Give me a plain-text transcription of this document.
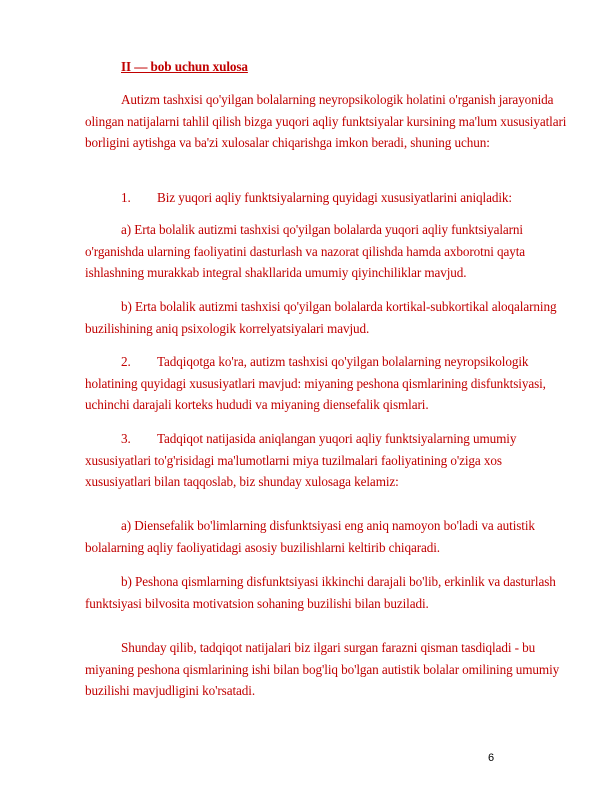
II — bob uchun xulosa
Autizm tashxisi qo'yilgan bolalarning neyropsikologik holatini o'rganish jarayonida olingan natijalarni tahlil qilish bizga yuqori aqliy funktsiyalar kursining ma'lum xususiyatlari borligini aytishga va ba'zi xulosalar chiqarishga imkon beradi, shuning uchun:
1. Biz yuqori aqliy funktsiyalarning quyidagi xususiyatlarini aniqladik:
a) Erta bolalik autizmi tashxisi qo'yilgan bolalarda yuqori aqliy funktsiyalarni o'rganishda ularning faoliyatini dasturlash va nazorat qilishda hamda axborotni qayta ishlashning murakkab integral shakllarida umumiy qiyinchiliklar mavjud.
b) Erta bolalik autizmi tashxisi qo'yilgan bolalarda kortikal-subkortikal aloqalarning buzilishining aniq psixologik korrelyatsiyalari mavjud.
2. Tadqiqotga ko'ra, autizm tashxisi qo'yilgan bolalarning neyropsikologik holatining quyidagi xususiyatlari mavjud: miyaning peshona qismlarining disfunktsiyasi, uchinchi darajali korteks hududi va miyaning diensefalik qismlari.
3. Tadqiqot natijasida aniqlangan yuqori aqliy funktsiyalarning umumiy xususiyatlari to'g'risidagi ma'lumotlarni miya tuzilmalari faoliyatining o'ziga xos xususiyatlari bilan taqqoslab, biz shunday xulosaga kelamiz:
a) Diensefalik bo'limlarning disfunktsiyasi eng aniq namoyon bo'ladi va autistik bolalarning aqliy faoliyatidagi asosiy buzilishlarni keltirib chiqaradi.
b) Peshona qismlarning disfunktsiyasi ikkinchi darajali bo'lib, erkinlik va dasturlash funktsiyasi bilvosita motivatsion sohaning buzilishi bilan buziladi.
Shunday qilib, tadqiqot natijalari biz ilgari surgan farazni qisman tasdiqladi - bu miyaning peshona qismlarining ishi bilan bog'liq bo'lgan autistik bolalar omilining umumiy buzilishi mavjudligini ko'rsatadi.
6
